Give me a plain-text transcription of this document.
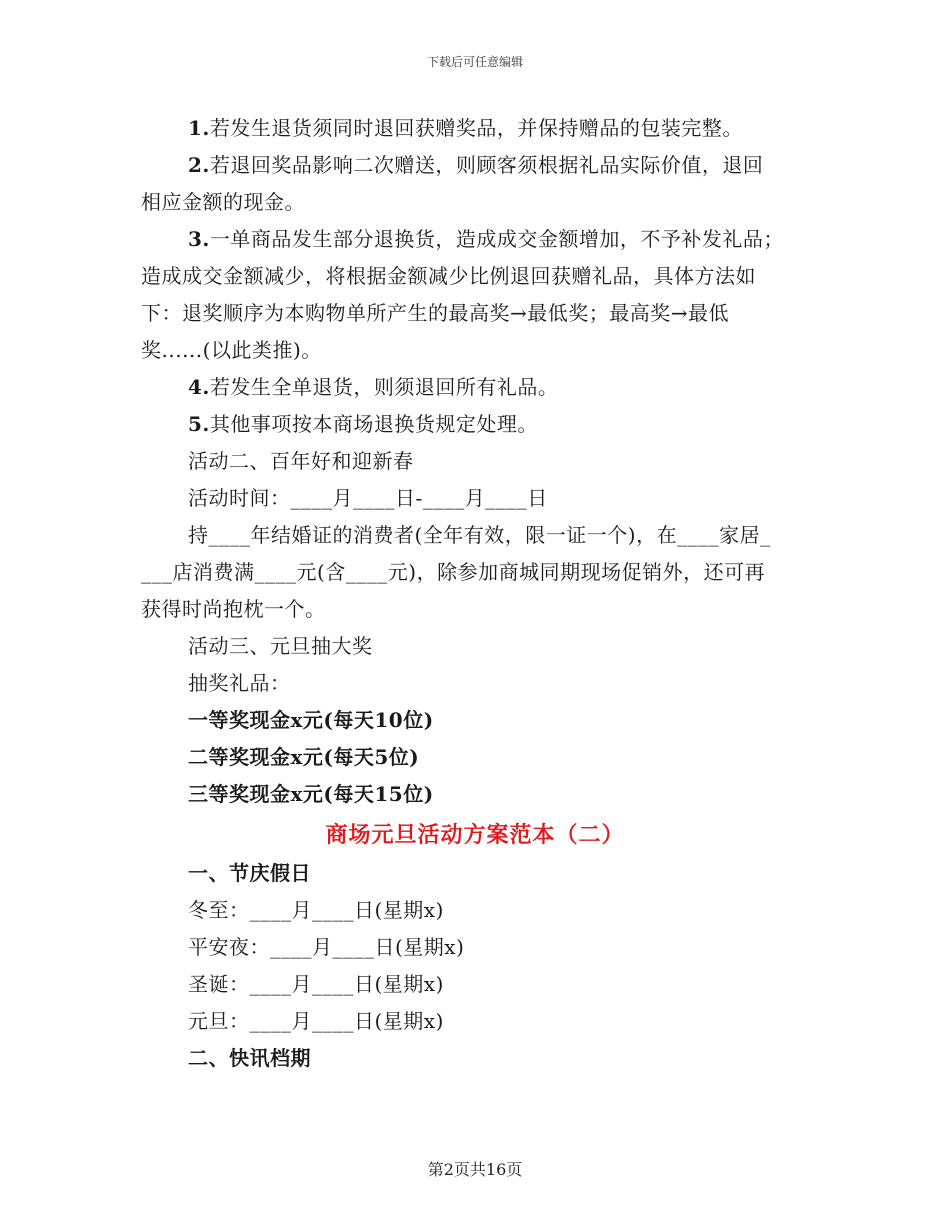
下载后可任意编辑

1.若发生退货须同时退回获赠奖品，并保持赠品的包装完整。

2.若退回奖品影响二次赠送，则顾客须根据礼品实际价值，退回

相应金额的现金。

3.一单商品发生部分退换货，造成成交金额增加，不予补发礼品；

造成成交金额减少，将根据金额减少比例退回获赠礼品，具体方法如

下：退奖顺序为本购物单所产生的最高奖→最低奖；最高奖→最低

奖......(以此类推)。

4.若发生全单退货，则须退回所有礼品。

5.其他事项按本商场退换货规定处理。

活动二、百年好和迎新春

活动时间：____月____日-____月____日

持____年结婚证的消费者(全年有效，限一证一个)，在____家居_

___店消费满____元(含____元)，除参加商城同期现场促销外，还可再

获得时尚抱枕一个。

活动三、元旦抽大奖

抽奖礼品：

一等奖现金x元(每天10位)

二等奖现金x元(每天5位)

三等奖现金x元(每天15位)

商场元旦活动方案范本（二）

一、节庆假日

冬至：____月____日(星期x)

平安夜：____月____日(星期x)

圣诞：____月____日(星期x)

元旦：____月____日(星期x)

二、快讯档期

第2页共16页
